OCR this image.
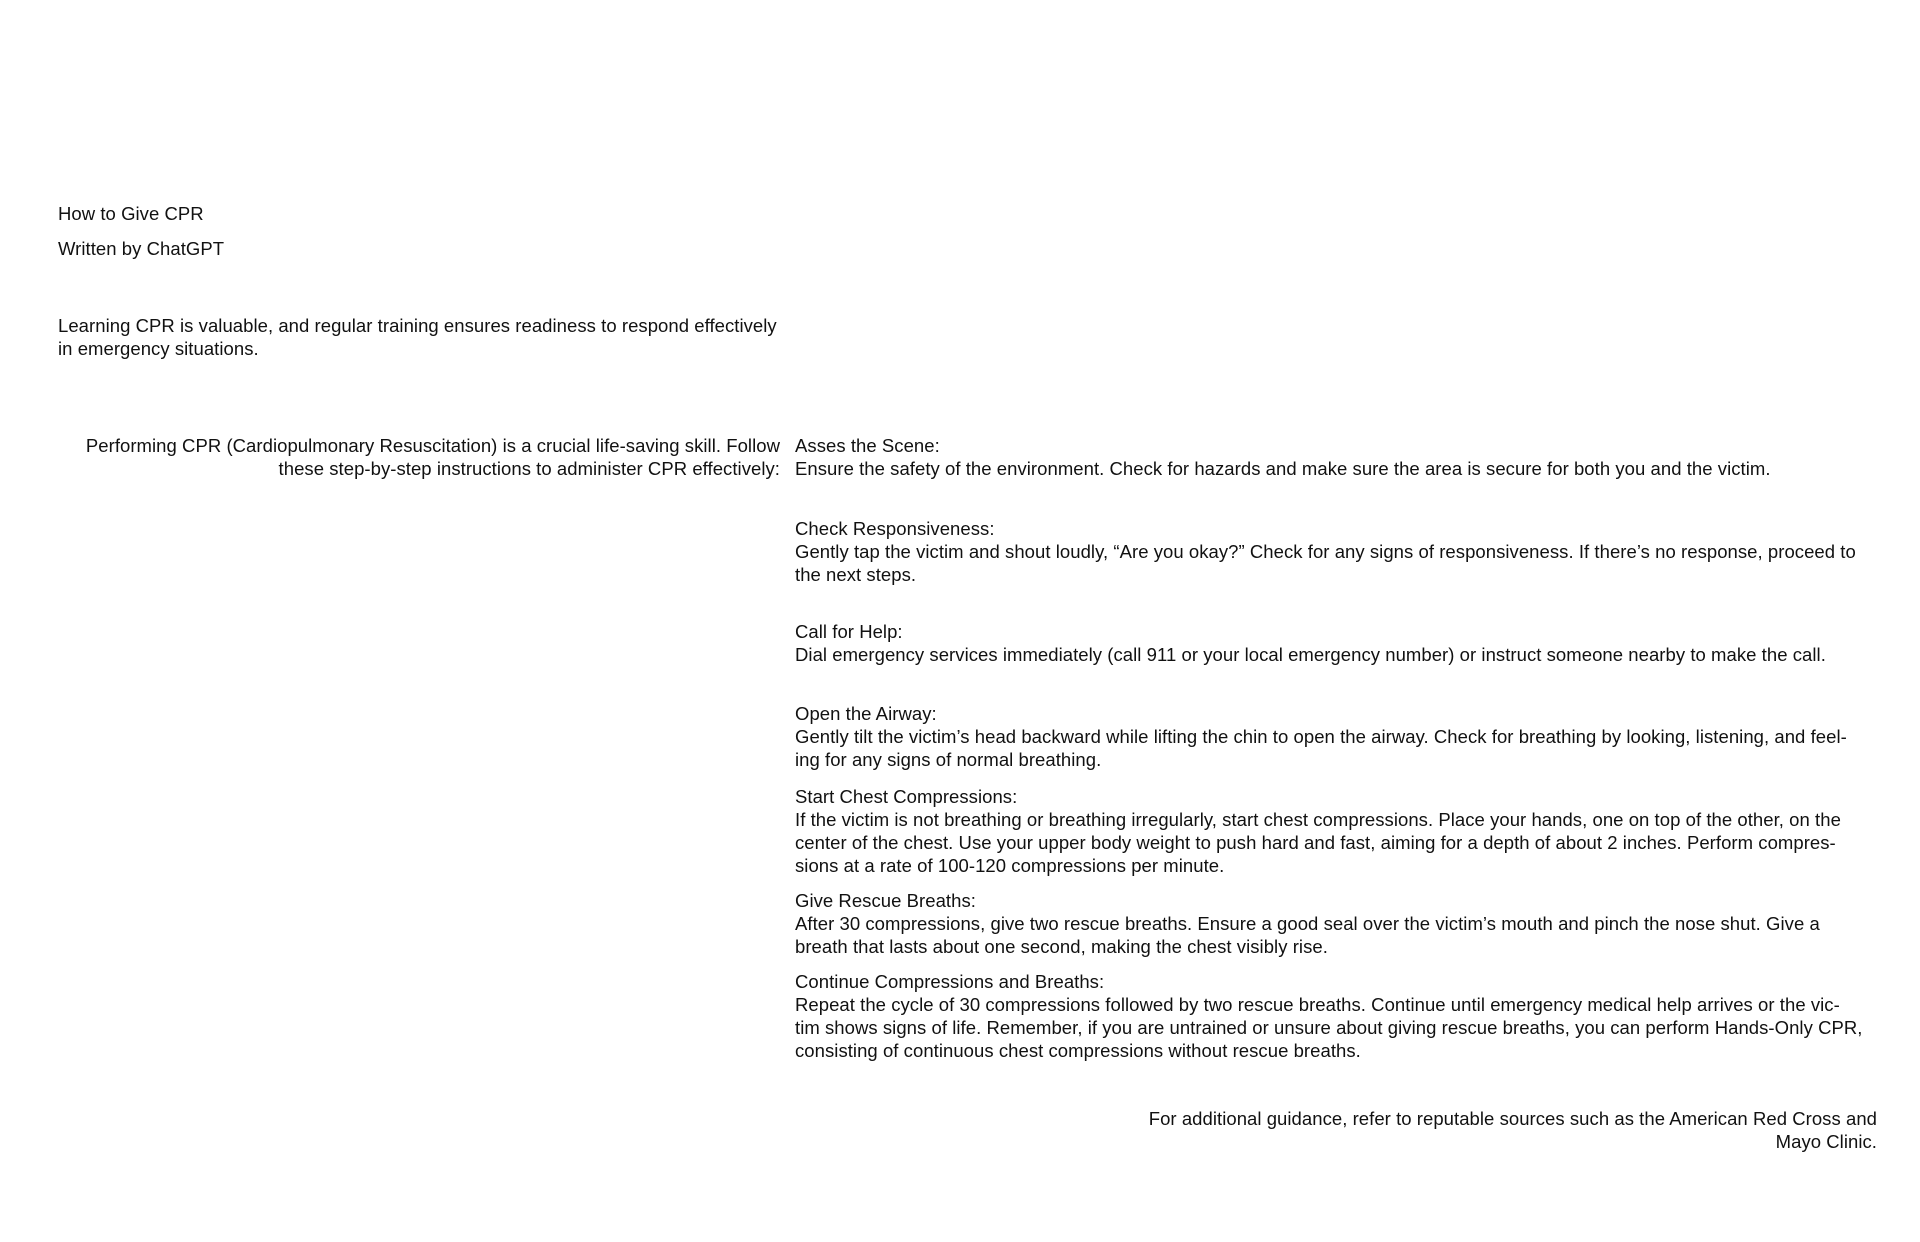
How to Give CPR
Written by ChatGPT
Learning CPR is valuable, and regular training ensures readiness to respond effectively
in emergency situations.
Performing CPR (Cardiopulmonary Resuscitation) is a crucial life-saving skill. Follow
these step-by-step instructions to administer CPR effectively:
Asses the Scene:
Ensure the safety of the environment. Check for hazards and make sure the area is secure for both you and the victim.
Check Responsiveness:
Gently tap the victim and shout loudly, “Are you okay?” Check for any signs of responsiveness. If there’s no response, proceed to
the next steps.
Call for Help:
Dial emergency services immediately (call 911 or your local emergency number) or instruct someone nearby to make the call.
Open the Airway:
Gently tilt the victim’s head backward while lifting the chin to open the airway. Check for breathing by looking, listening, and feel-
ing for any signs of normal breathing.
Start Chest Compressions:
If the victim is not breathing or breathing irregularly, start chest compressions. Place your hands, one on top of the other, on the
center of the chest. Use your upper body weight to push hard and fast, aiming for a depth of about 2 inches. Perform compres-
sions at a rate of 100-120 compressions per minute.
Give Rescue Breaths:
After 30 compressions, give two rescue breaths. Ensure a good seal over the victim’s mouth and pinch the nose shut. Give a
breath that lasts about one second, making the chest visibly rise.
Continue Compressions and Breaths:
Repeat the cycle of 30 compressions followed by two rescue breaths. Continue until emergency medical help arrives or the vic-
tim shows signs of life. Remember, if you are untrained or unsure about giving rescue breaths, you can perform Hands-Only CPR,
consisting of continuous chest compressions without rescue breaths.
For additional guidance, refer to reputable sources such as the American Red Cross and
Mayo Clinic.
